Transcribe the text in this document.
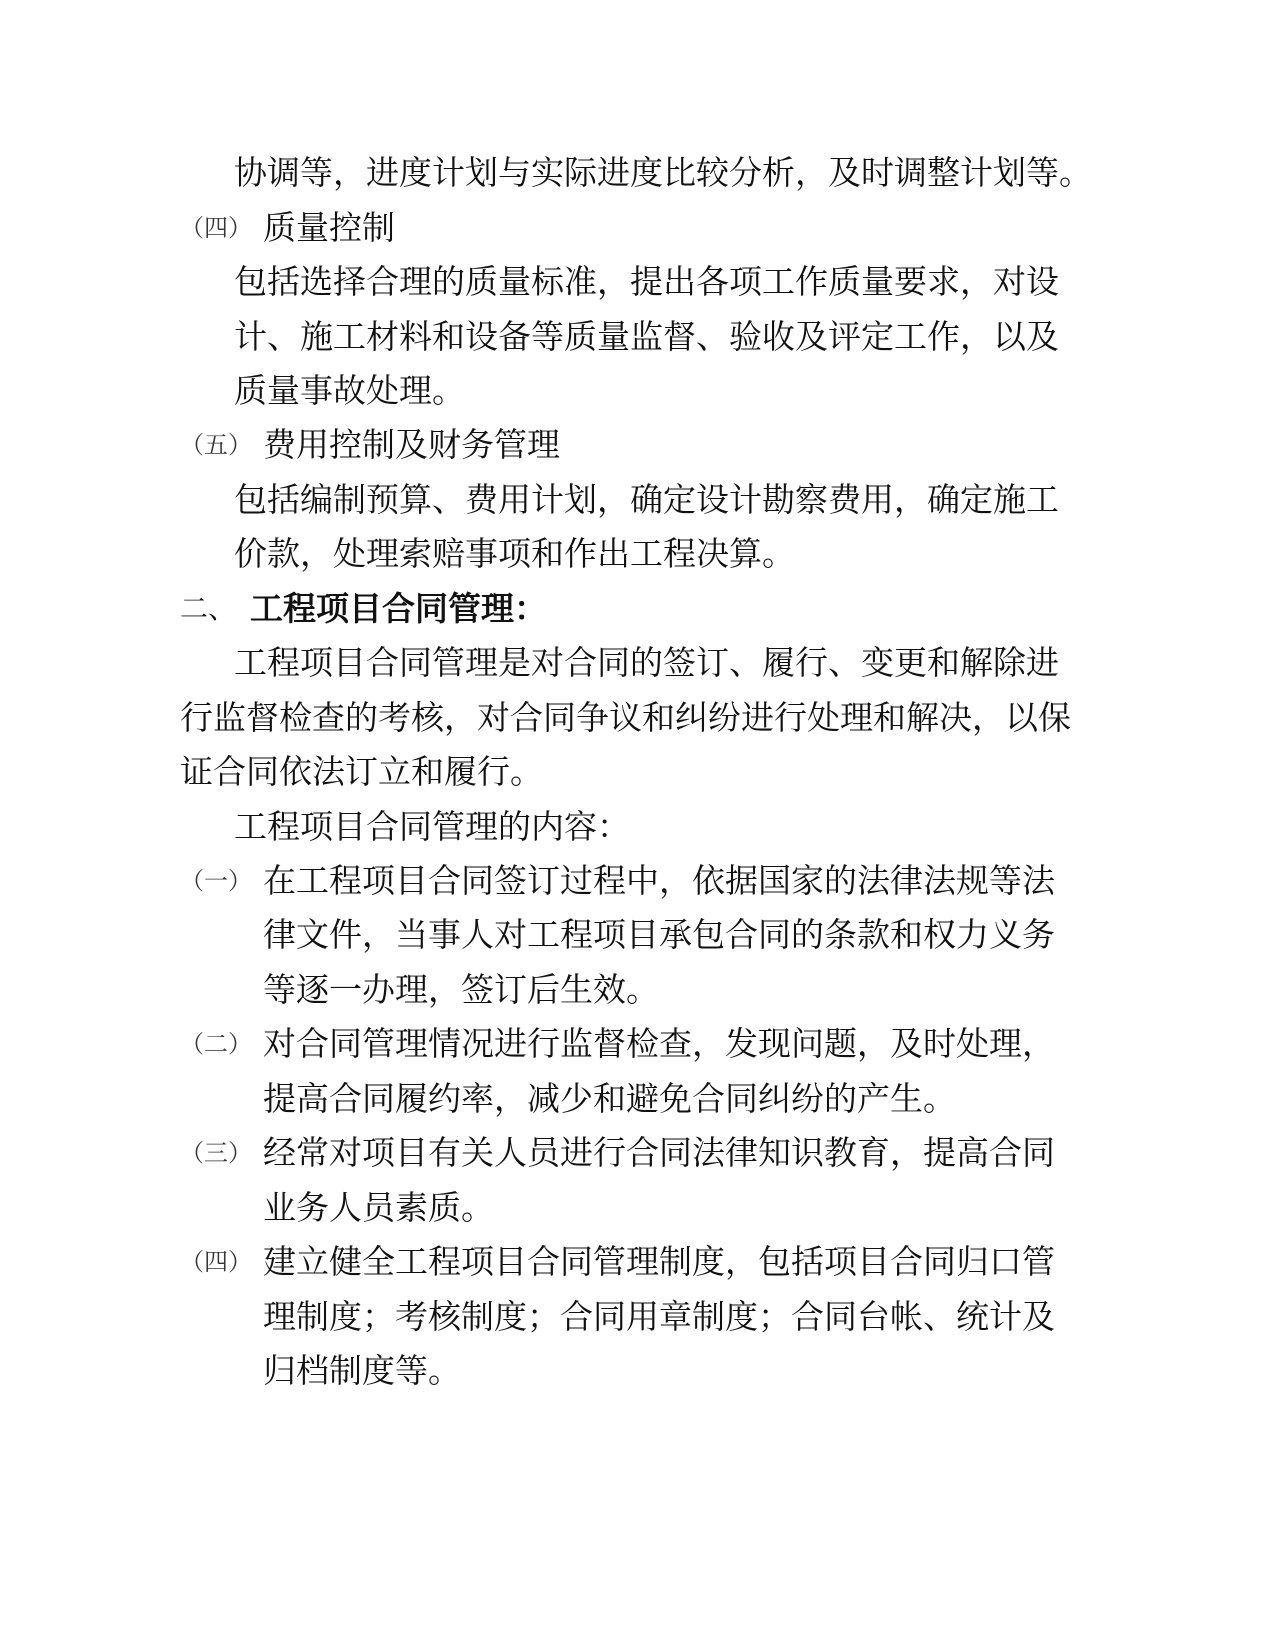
协调等，进度计划与实际进度比较分析，及时调整计划等。
（四） 质量控制
包括选择合理的质量标准，提出各项工作质量要求，对设
计、施工材料和设备等质量监督、验收及评定工作，以及
质量事故处理。
（五） 费用控制及财务管理
包括编制预算、费用计划，确定设计勘察费用，确定施工
价款，处理索赔事项和作出工程决算。
二、 工程项目合同管理：
工程项目合同管理是对合同的签订、履行、变更和解除进
行监督检查的考核，对合同争议和纠纷进行处理和解决，以保
证合同依法订立和履行。
工程项目合同管理的内容：
（一） 在工程项目合同签订过程中，依据国家的法律法规等法
律文件，当事人对工程项目承包合同的条款和权力义务
等逐一办理，签订后生效。
（二） 对合同管理情况进行监督检查，发现问题，及时处理，
提高合同履约率，减少和避免合同纠纷的产生。
（三） 经常对项目有关人员进行合同法律知识教育，提高合同
业务人员素质。
（四） 建立健全工程项目合同管理制度，包括项目合同归口管
理制度；考核制度；合同用章制度；合同台帐、统计及
归档制度等。
